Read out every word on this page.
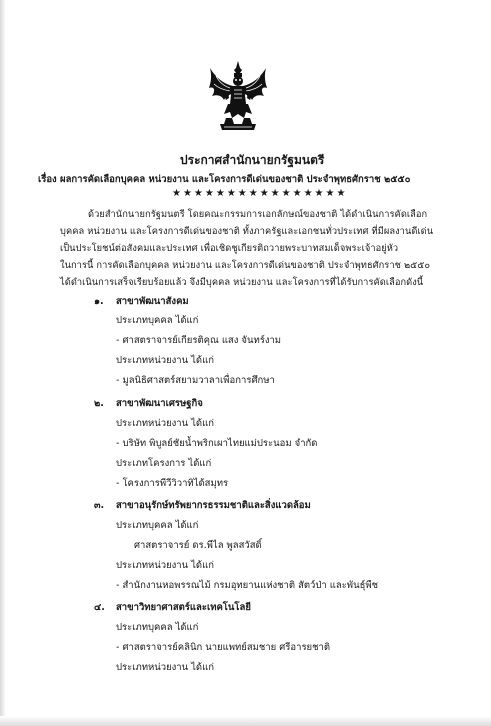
ประกาศสำนักนายกรัฐมนตรี
เรื่อง ผลการคัดเลือกบุคคล หน่วยงาน และโครงการดีเด่นของชาติ ประจำพุทธศักราช ๒๕๕๐
★★★★★★★★★★★★★★★★
ด้วยสำนักนายกรัฐมนตรี โดยคณะกรรมการเอกลักษณ์ของชาติ ได้ดำเนินการคัดเลือก
บุคคล หน่วยงาน และโครงการดีเด่นของชาติ ทั้งภาครัฐและเอกชนทั่วประเทศ ที่มีผลงานดีเด่น
เป็นประโยชน์ต่อสังคมและประเทศ เพื่อเชิดชูเกียรติถวายพระบาทสมเด็จพระเจ้าอยู่หัว
ในการนี้ การคัดเลือกบุคคล หน่วยงาน และโครงการดีเด่นของชาติ ประจำพุทธศักราช ๒๕๕๐
ได้ดำเนินการเสร็จเรียบร้อยแล้ว จึงมีบุคคล หน่วยงาน และโครงการที่ได้รับการคัดเลือกดังนี้
๑. สาขาพัฒนาสังคม
ประเภทบุคคล ได้แก่
- ศาสตราจารย์เกียรติคุณ แสง จันทร์งาม
ประเภทหน่วยงาน ได้แก่
- มูลนิธิศาสตร์สยามวาลาเพื่อการศึกษา
๒. สาขาพัฒนาเศรษฐกิจ
ประเภทหน่วยงาน ได้แก่
- บริษัท พิบูลย์ชัยน้ำพริกเผาไทยแม่ประนอม จำกัด
ประเภทโครงการ ได้แก่
- โครงการพีวีวิวาทิได้สมุทร
๓. สาขาอนุรักษ์ทรัพยากรธรรมชาติและสิ่งแวดล้อม
ประเภทบุคคล ได้แก่
ศาสตราจารย์ ดร.พีไล พูลสวัสดิ์
ประเภทหน่วยงาน ได้แก่
- สำนักงานหอพรรณไม้ กรมอุทยานแห่งชาติ สัตว์ป่า และพันธุ์พืช
๔. สาขาวิทยาศาสตร์และเทคโนโลยี
ประเภทบุคคล ได้แก่
- ศาสตราจารย์คลินิก นายแพทย์สมชาย ศรีอารยชาติ
ประเภทหน่วยงาน ได้แก่
